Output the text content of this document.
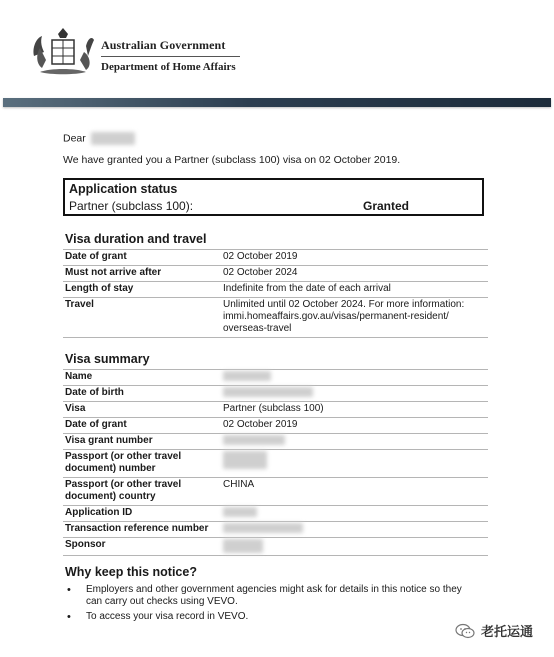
Australian Government
Department of Home Affairs
Dear
We have granted you a Partner (subclass 100) visa on 02 October 2019.
Application status
Partner (subclass 100):	Granted
Visa duration and travel
Date of grant	02 October 2019
Must not arrive after	02 October 2024
Length of stay	Indefinite from the date of each arrival
Travel	Unlimited until 02 October 2024. For more information:
immi.homeaffairs.gov.au/visas/permanent-resident/
overseas-travel
Visa summary
Name	
Date of birth	
Visa	Partner (subclass 100)
Date of grant	02 October 2019
Visa grant number	

Passport (or other travel
document) number	

Passport (or other travel
document) country	CHINA
Application ID	
Transaction reference number	
Sponsor	
Why keep this notice?
• Employers and other government agencies might ask for details in this notice so they
can carry out checks using VEVO.
• To access your visa record in VEVO.
老托运通
